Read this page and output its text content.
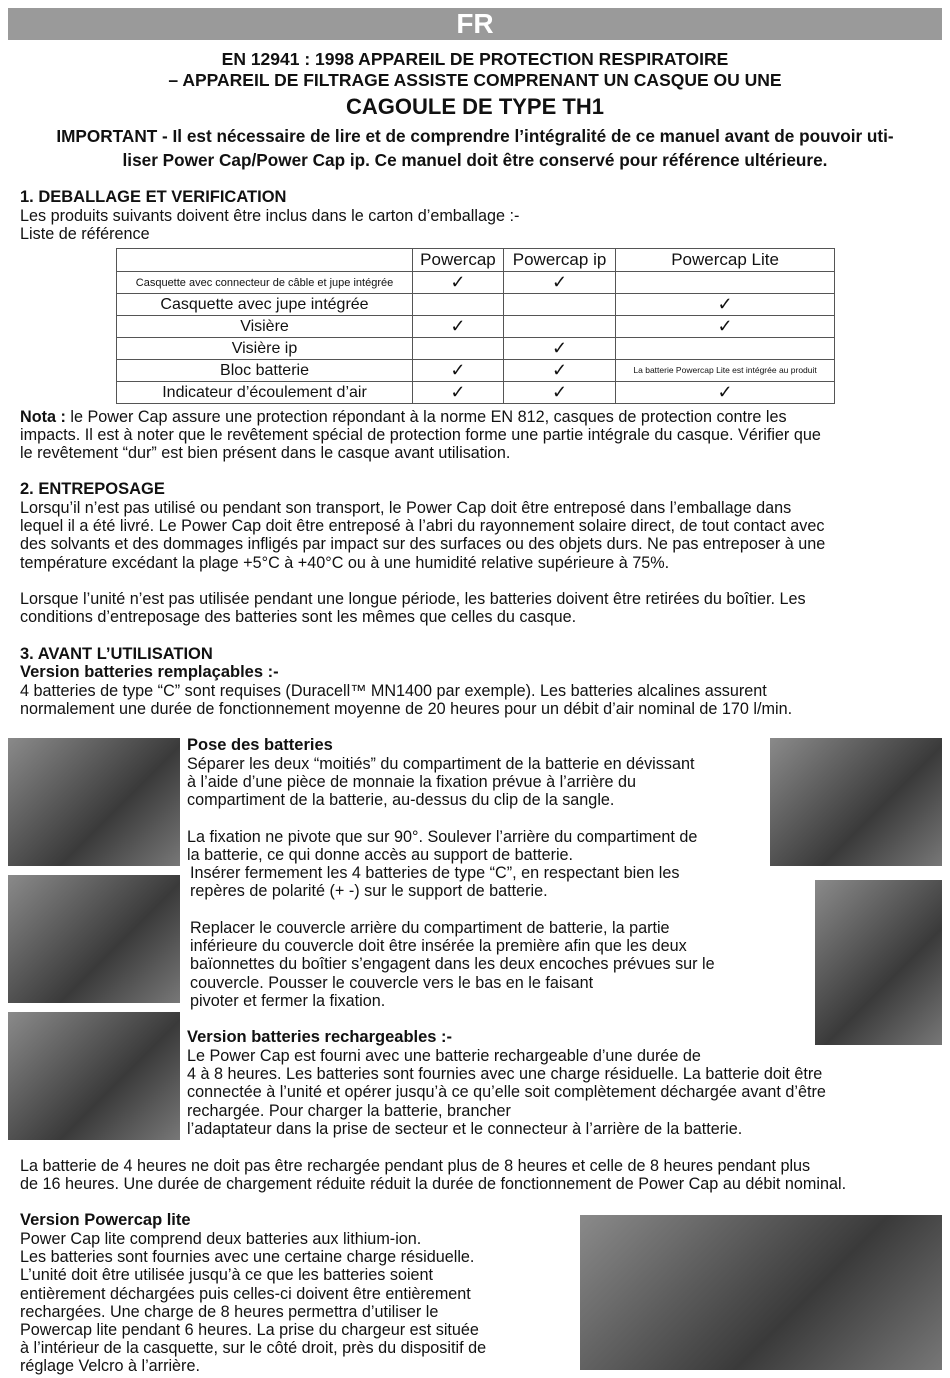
FR
EN 12941 : 1998 APPAREIL DE PROTECTION RESPIRATOIRE
– APPAREIL DE FILTRAGE ASSISTE COMPRENANT UN CASQUE OU UNE
CAGOULE DE TYPE TH1
IMPORTANT - Il est nécessaire de lire et de comprendre l’intégralité de ce manuel avant de pouvoir uti-
liser Power Cap/Power Cap ip. Ce manuel doit être conservé pour référence ultérieure.
1. DEBALLAGE ET VERIFICATION
Les produits suivants doivent être inclus dans le carton d’emballage :-
Liste de référence
	Powercap	Powercap ip	Powercap Lite
Casquette avec connecteur de câble et jupe intégrée	✓	✓	
Casquette avec jupe intégrée			✓
Visière	✓		✓
Visière ip		✓	
Bloc batterie	✓	✓	La batterie Powercap Lite est intégrée au produit
Indicateur d’écoulement d’air	✓	✓	✓
Nota : le Power Cap assure une protection répondant à la norme EN 812, casques de protection contre les
impacts. Il est à noter que le revêtement spécial de protection forme une partie intégrale du casque. Vérifier que
le revêtement “dur” est bien présent dans le casque avant utilisation.
2. ENTREPOSAGE
Lorsqu’il n’est pas utilisé ou pendant son transport, le Power Cap doit être entreposé dans l’emballage dans
lequel il a été livré. Le Power Cap doit être entreposé à l’abri du rayonnement solaire direct, de tout contact avec
des solvants et des dommages infligés par impact sur des surfaces ou des objets durs. Ne pas entreposer à une
température excédant la plage +5°C à +40°C ou à une humidité relative supérieure à 75%.
Lorsque l’unité n’est pas utilisée pendant une longue période, les batteries doivent être retirées du boîtier. Les
conditions d’entreposage des batteries sont les mêmes que celles du casque.
3. AVANT L’UTILISATION
Version batteries remplaçables :-
4 batteries de type “C” sont requises (Duracell™ MN1400 par exemple). Les batteries alcalines assurent
normalement une durée de fonctionnement moyenne de 20 heures pour un débit d’air nominal de 170 l/min.
Pose des batteries
Séparer les deux “moitiés” du compartiment de la batterie en dévissant
à l’aide d’une pièce de monnaie la fixation prévue à l’arrière du
compartiment de la batterie, au-dessus du clip de la sangle.
La fixation ne pivote que sur 90°. Soulever l’arrière du compartiment de
la batterie, ce qui donne accès au support de batterie.
Insérer fermement les 4 batteries de type “C”, en respectant bien les
repères de polarité (+ -) sur le support de batterie.
Replacer le couvercle arrière du compartiment de batterie, la partie
inférieure du couvercle doit être insérée la première afin que les deux
baïonnettes du boîtier s’engagent dans les deux encoches prévues sur le
couvercle. Pousser le couvercle vers le bas en le faisant
pivoter et fermer la fixation.
Version batteries rechargeables :-
Le Power Cap est fourni avec une batterie rechargeable d’une durée de
4 à 8 heures. Les batteries sont fournies avec une charge résiduelle. La batterie doit être
connectée à l’unité et opérer jusqu’à ce qu’elle soit complètement déchargée avant d’être
rechargée. Pour charger la batterie, brancher
l’adaptateur dans la prise de secteur et le connecteur à l’arrière de la batterie.
La batterie de 4 heures ne doit pas être rechargée pendant plus de 8 heures et celle de 8 heures pendant plus
de 16 heures. Une durée de chargement réduite réduit la durée de fonctionnement de Power Cap au débit nominal.
Version Powercap lite
Power Cap lite comprend deux batteries aux lithium-ion.
Les batteries sont fournies avec une certaine charge résiduelle.
L’unité doit être utilisée jusqu’à ce que les batteries soient
entièrement déchargées puis celles-ci doivent être entièrement
rechargées. Une charge de 8 heures permettra d’utiliser le
Powercap lite pendant 6 heures. La prise du chargeur est située
à l’intérieur de la casquette, sur le côté droit, près du dispositif de
réglage Velcro à l’arrière.
